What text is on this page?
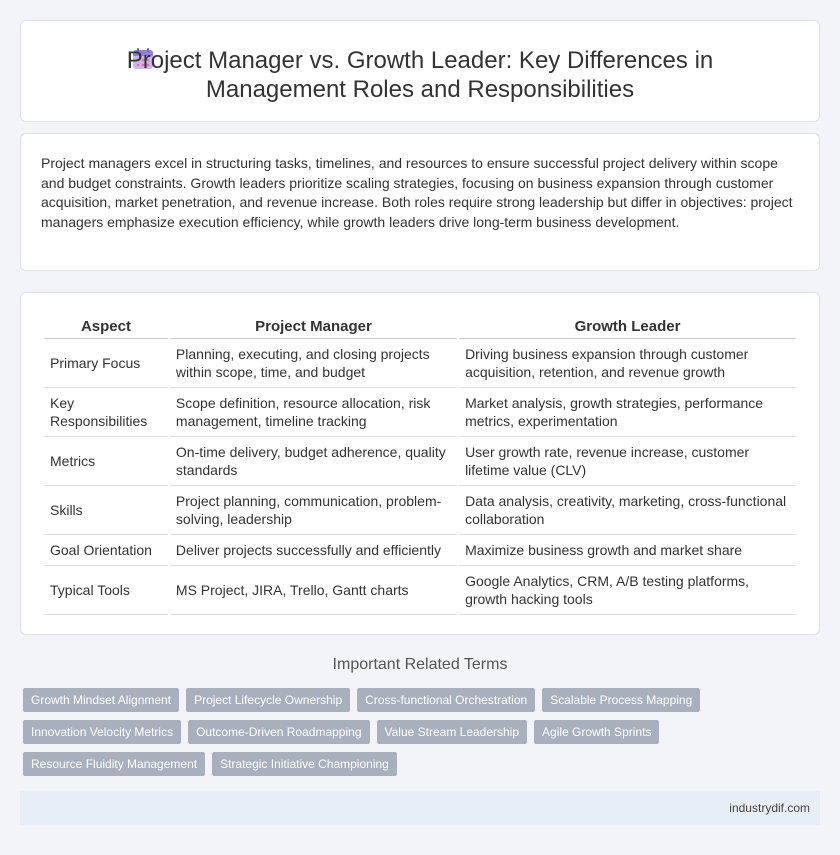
Project Manager vs. Growth Leader: Key Differences in
Management Roles and Responsibilities

Project managers excel in structuring tasks, timelines, and resources to ensure successful project delivery within scope and budget constraints. Growth leaders prioritize scaling strategies, focusing on business expansion through customer acquisition, market penetration, and revenue increase. Both roles require strong leadership but differ in objectives: project managers emphasize execution efficiency, while growth leaders drive long-term business development.

Aspect	Project Manager	Growth Leader
Primary Focus	Planning, executing, and closing projects within scope, time, and budget	Driving business expansion through customer acquisition, retention, and revenue growth
Key Responsibilities	Scope definition, resource allocation, risk management, timeline tracking	Market analysis, growth strategies, performance metrics, experimentation
Metrics	On-time delivery, budget adherence, quality standards	User growth rate, revenue increase, customer lifetime value (CLV)
Skills	Project planning, communication, problem-solving, leadership	Data analysis, creativity, marketing, cross-functional collaboration
Goal Orientation	Deliver projects successfully and efficiently	Maximize business growth and market share
Typical Tools	MS Project, JIRA, Trello, Gantt charts	Google Analytics, CRM, A/B testing platforms, growth hacking tools
Important Related Terms
Growth Mindset Alignment	Project Lifecycle Ownership	Cross-functional Orchestration	Scalable Process Mapping
Innovation Velocity Metrics	Outcome-Driven Roadmapping	Value Stream Leadership	Agile Growth Sprints
Resource Fluidity Management	Strategic Initiative Championing
industrydif.com
